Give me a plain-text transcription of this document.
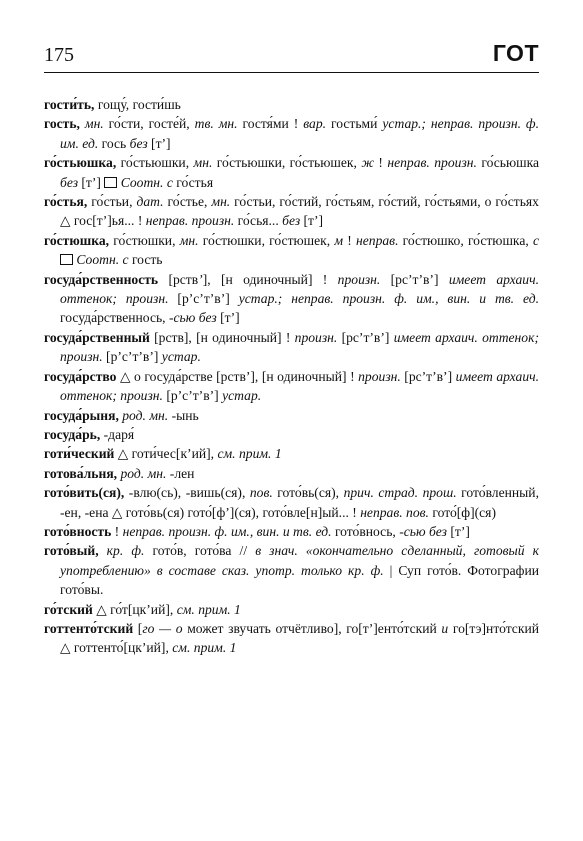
175	ГОТ

гости́ть, гощу́, гости́шь

гость, мн. го́сти, госте́й, тв. мн. гостя́ми ! вар. гостьми́ устар.; неправ. произн. ф. им. ед. гось без [тʼ]

го́стьюшка, го́стьюшки, мн. го́стьюшки, го́стьюшек, ж ! неправ. произн. го́сьюшка без [тʼ]  Соотн. с го́стья

го́стья, го́стьи, дат. го́стье, мн. го́стьи, го́стий, го́стьям, го́стий, го́стьями, о го́стьях △ гос[тʼ]ья... ! неправ. произн. го́сья... без [тʼ]

го́стюшка, го́стюшки, мн. го́стюшки, го́стюшек, м ! неправ. го́стюшко, го́стюшка, с  Соотн. с гость

госуда́рственность [рствʼ], [н одиночный] ! произн. [рсʼтʼвʼ] имеет архаич. оттенок; произн. [рʼсʼтʼвʼ] устар.; неправ. произн. ф. им., вин. и тв. ед. госуда́рственнось, -сью без [тʼ]

госуда́рственный [рств], [н одиночный] ! произн. [рсʼтʼвʼ] имеет архаич. оттенок; произн. [рʼсʼтʼвʼ] устар.

госуда́рство △ о госуда́рстве [рствʼ], [н одиночный] ! произн. [рсʼтʼвʼ] имеет архаич. оттенок; произн. [рʼсʼтʼвʼ] устар.

госуда́рыня, род. мн. -ынь

госуда́рь, -даря́

готи́ческий △ готи́чес[кʼий], см. прим. 1

готова́льня, род. мн. -лен

гото́вить(ся), -влю(сь), -вишь(ся), пов. гото́вь(ся), прич. страд. прош. гото́вленный, -ен, -ена △ гото́вь(ся) гото́[фʼ](ся), гото́вле[н]ый... ! неправ. пов. гото́[ф](ся)

гото́вность ! неправ. произн. ф. им., вин. и тв. ед. гото́внось, -сью без [тʼ]

гото́вый, кр. ф. гото́в, гото́ва // в знач. «окончательно сделанный, готовый к употреблению» в составе сказ. употр. только кр. ф. | Суп гото́в. Фотографии гото́вы.

го́тский △ го́т[цкʼий], см. прим. 1

готтенто́тский [го — о может звучать отчётливо], го[тʼ]енто́тский и го[тэ]нто́тский △ готтенто́[цкʼий], см. прим. 1
